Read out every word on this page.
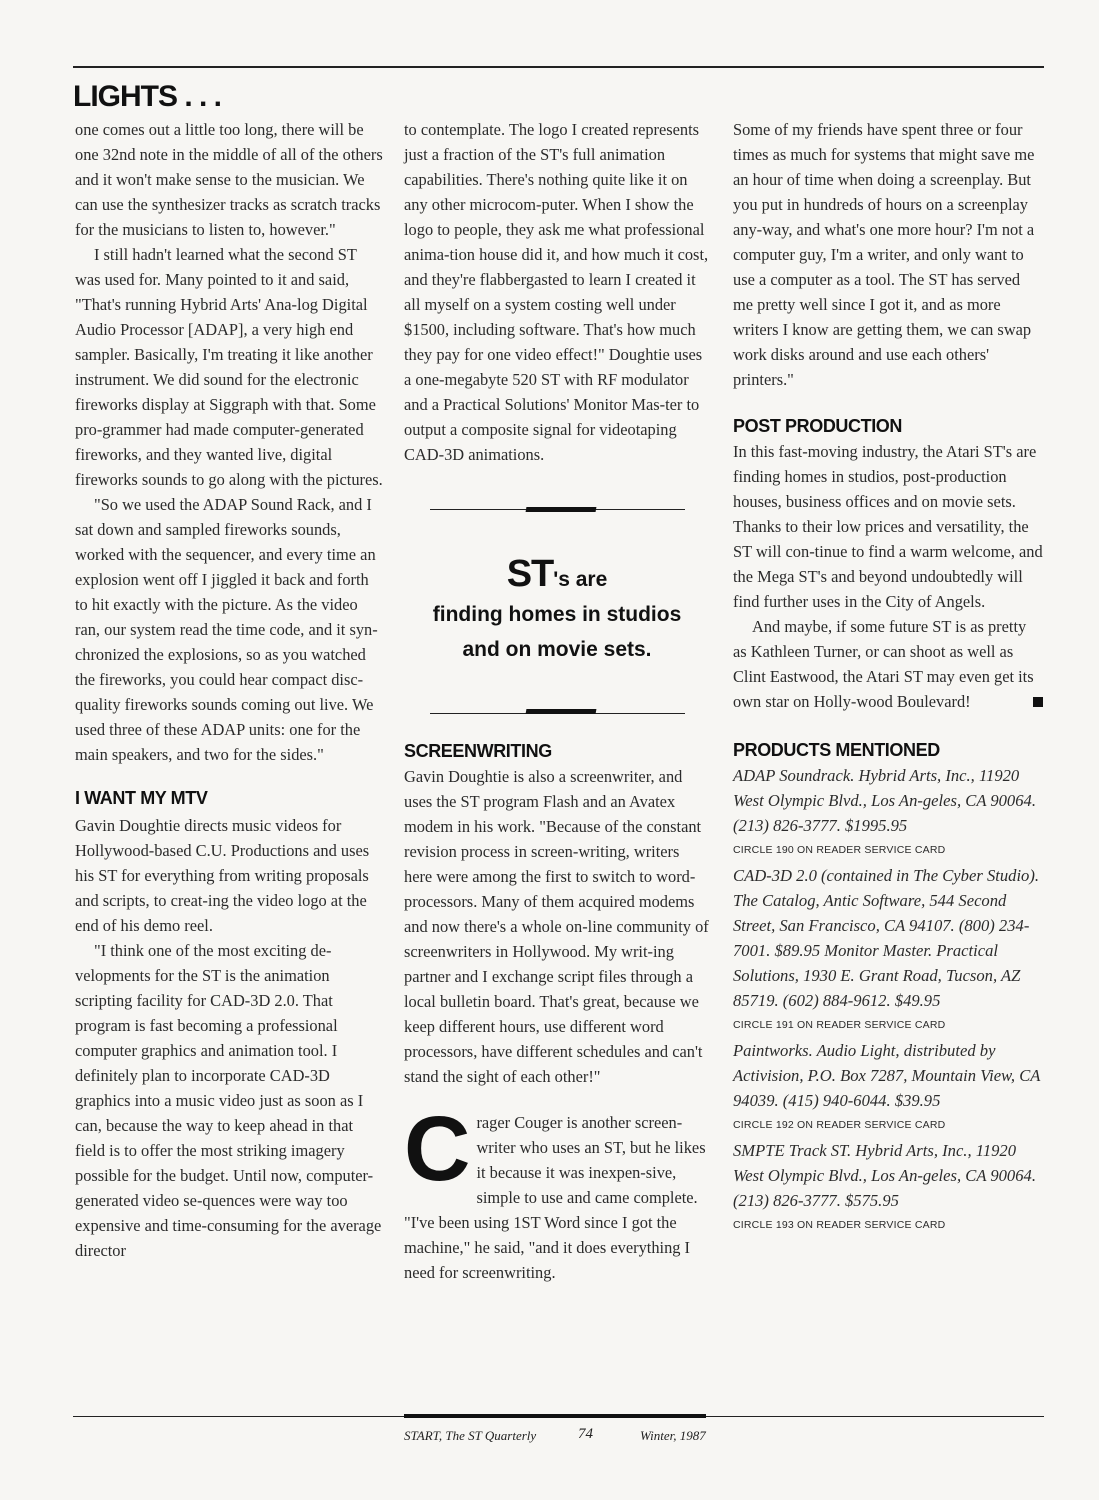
LIGHTS . . .

one comes out a little too long, there will be one 32nd note in the middle of all of the others and it won't make sense to the musician. We can use the synthesizer tracks as scratch tracks for the musicians to listen to, however."

I still hadn't learned what the second ST was used for. Many pointed to it and said, "That's running Hybrid Arts' Ana-log Digital Audio Processor [ADAP], a very high end sampler. Basically, I'm treating it like another instrument. We did sound for the electronic fireworks display at Siggraph with that. Some pro-grammer had made computer-generated fireworks, and they wanted live, digital fireworks sounds to go along with the pictures.

"So we used the ADAP Sound Rack, and I sat down and sampled fireworks sounds, worked with the sequencer, and every time an explosion went off I jiggled it back and forth to hit exactly with the picture. As the video ran, our system read the time code, and it syn-chronized the explosions, so as you watched the fireworks, you could hear compact disc-quality fireworks sounds coming out live. We used three of these ADAP units: one for the main speakers, and two for the sides."

I WANT MY MTV

Gavin Doughtie directs music videos for Hollywood-based C.U. Productions and uses his ST for everything from writing proposals and scripts, to creat-ing the video logo at the end of his demo reel.

"I think one of the most exciting de-velopments for the ST is the animation scripting facility for CAD-3D 2.0. That program is fast becoming a professional computer graphics and animation tool. I definitely plan to incorporate CAD-3D graphics into a music video just as soon as I can, because the way to keep ahead in that field is to offer the most striking imagery possible for the budget. Until now, computer-generated video se-quences were way too expensive and time-consuming for the average director

to contemplate. The logo I created represents just a fraction of the ST's full animation capabilities. There's nothing quite like it on any other microcom-puter. When I show the logo to people, they ask me what professional anima-tion house did it, and how much it cost, and they're flabbergasted to learn I created it all myself on a system costing well under $1500, including software. That's how much they pay for one video effect!" Doughtie uses a one-megabyte 520 ST with RF modulator and a Practical Solutions' Monitor Mas-ter to output a composite signal for videotaping CAD-3D animations.

ST's are
finding homes in studios
and on movie sets.
SCREENWRITING

Gavin Doughtie is also a screenwriter, and uses the ST program Flash and an Avatex modem in his work. "Because of the constant revision process in screen-writing, writers here were among the first to switch to word-processors. Many of them acquired modems and now there's a whole on-line community of screenwriters in Hollywood. My writ-ing partner and I exchange script files through a local bulletin board. That's great, because we keep different hours, use different word processors, have different schedules and can't stand the sight of each other!"

Crager Couger is another screen-writer who uses an ST, but he likes it because it was inexpen-sive, simple to use and came complete. "I've been using 1ST Word since I got the machine," he said, "and it does everything I need for screenwriting.

Some of my friends have spent three or four times as much for systems that might save me an hour of time when doing a screenplay. But you put in hundreds of hours on a screenplay any-way, and what's one more hour? I'm not a computer guy, I'm a writer, and only want to use a computer as a tool. The ST has served me pretty well since I got it, and as more writers I know are getting them, we can swap work disks around and use each others' printers."

POST PRODUCTION

In this fast-moving industry, the Atari ST's are finding homes in studios, post-production houses, business offices and on movie sets. Thanks to their low prices and versatility, the ST will con-tinue to find a warm welcome, and the Mega ST's and beyond undoubtedly will find further uses in the City of Angels.

And maybe, if some future ST is as pretty as Kathleen Turner, or can shoot as well as Clint Eastwood, the Atari ST may even get its own star on Holly-wood Boulevard!

PRODUCTS MENTIONED

ADAP Soundrack. Hybrid Arts, Inc., 11920 West Olympic Blvd., Los An-geles, CA 90064. (213) 826-3777. $1995.95

CIRCLE 190 ON READER SERVICE CARD

CAD-3D 2.0 (contained in The Cyber Studio). The Catalog, Antic Software, 544 Second Street, San Francisco, CA 94107. (800) 234-7001. $89.95 Monitor Master. Practical Solutions, 1930 E. Grant Road, Tucson, AZ 85719. (602) 884-9612. $49.95

CIRCLE 191 ON READER SERVICE CARD

Paintworks. Audio Light, distributed by Activision, P.O. Box 7287, Mountain View, CA 94039. (415) 940-6044. $39.95

CIRCLE 192 ON READER SERVICE CARD

SMPTE Track ST. Hybrid Arts, Inc., 11920 West Olympic Blvd., Los An-geles, CA 90064. (213) 826-3777. $575.95

CIRCLE 193 ON READER SERVICE CARD

START, The ST Quarterly	74	Winter, 1987
